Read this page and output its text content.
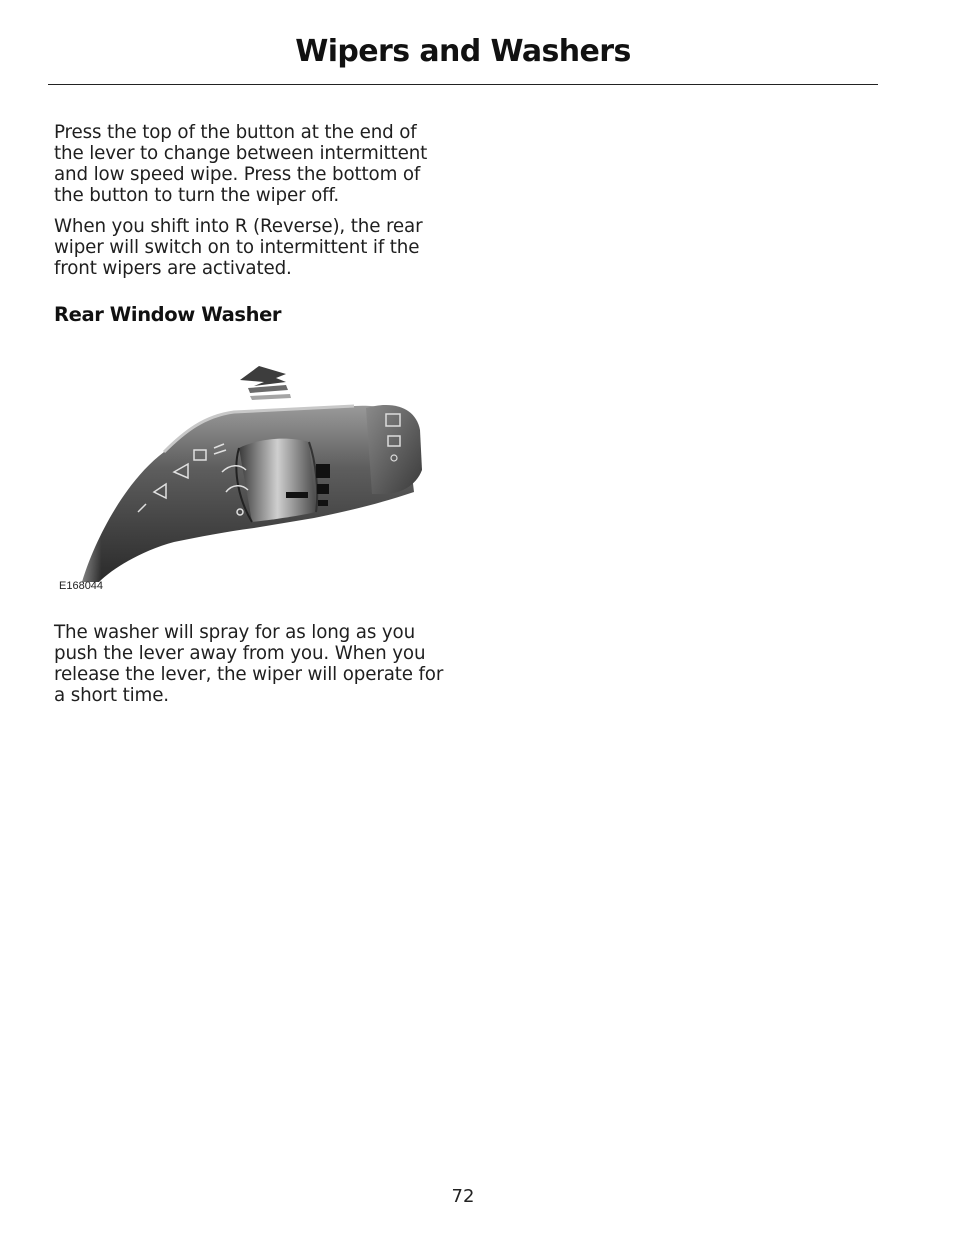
Wipers and Washers

Press the top of the button at the end of the lever to change between intermittent and low speed wipe. Press the bottom of the button to turn the wiper off.

When you shift into R (Reverse), the rear wiper will switch on to intermittent if the front wipers are activated.

Rear Window Washer
E168044

The washer will spray for as long as you push the lever away from you. When you release the lever, the wiper will operate for a short time.

72
